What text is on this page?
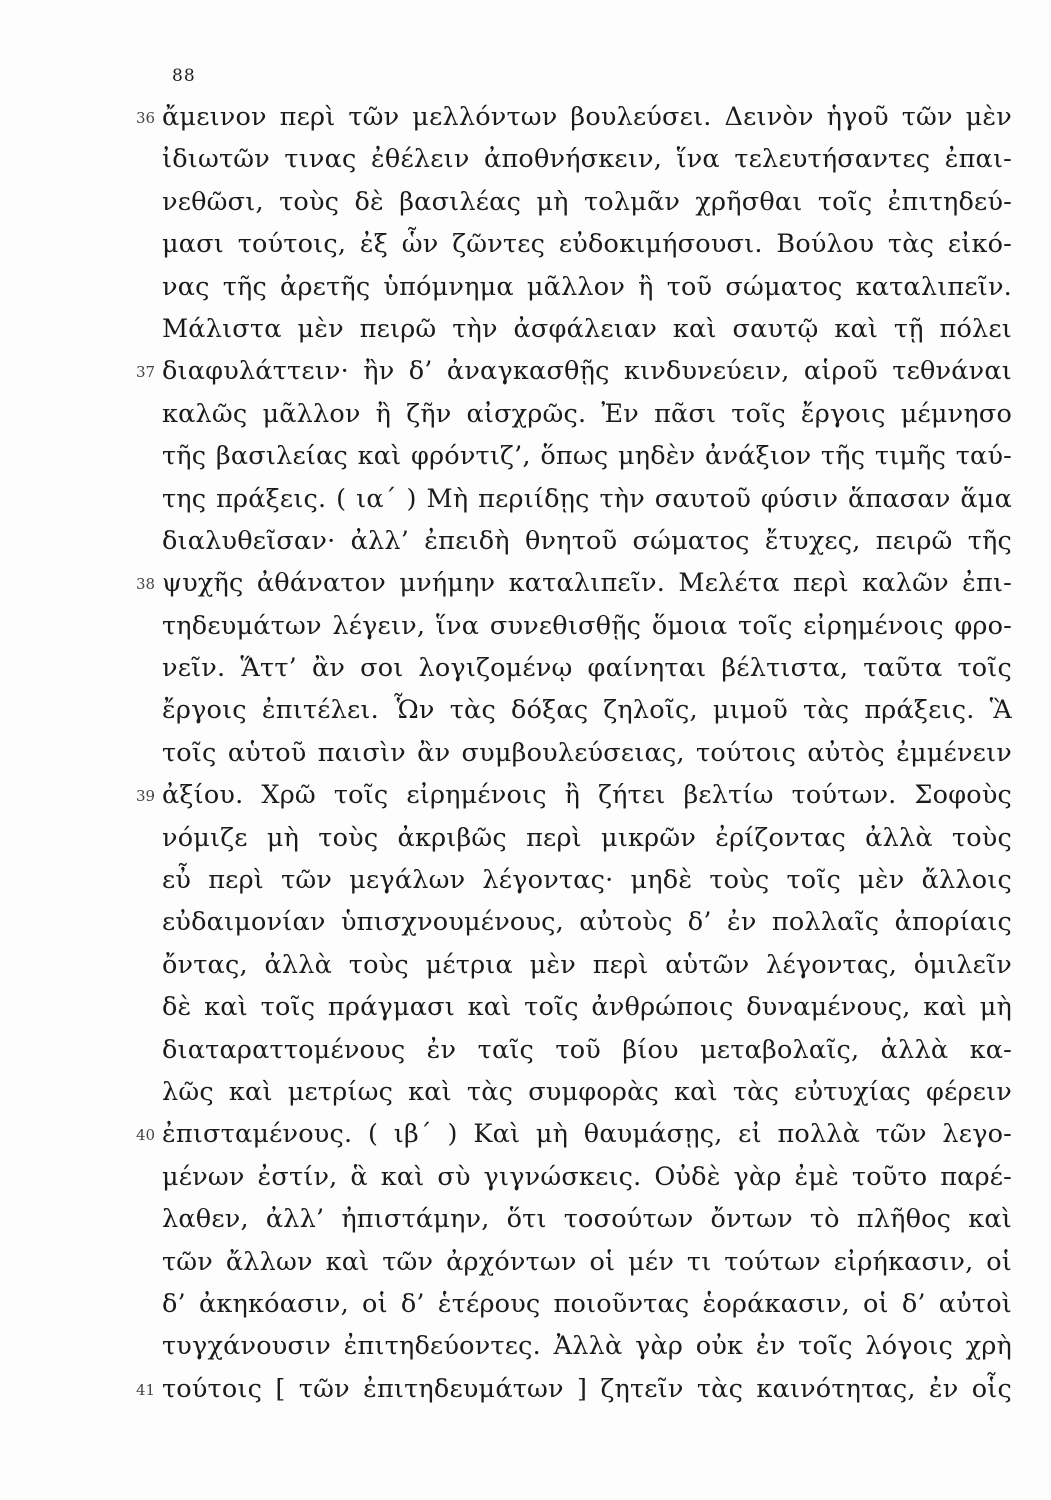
88
36 ἄμεινον περὶ τῶν μελλόντων βουλεύσει. Δεινὸν ἡγοῦ τῶν μὲν
ἰδιωτῶν τινας ἐθέλειν ἀποθνήσκειν, ἵνα τελευτήσαντες ἐπαι-
νεθῶσι, τοὺς δὲ βασιλέας μὴ τολμᾶν χρῆσθαι τοῖς ἐπιτηδεύ-
μασι τούτοις, ἐξ ὧν ζῶντες εὐδοκιμήσουσι. Βούλου τὰς εἰκό-
νας τῆς ἀρετῆς ὑπόμνημα μᾶλλον ἢ τοῦ σώματος καταλιπεῖν.
Μάλιστα μὲν πειρῶ τὴν ἀσφάλειαν καὶ σαυτῷ καὶ τῇ πόλει
37 διαφυλάττειν· ἢν δ’ ἀναγκασθῇς κινδυνεύειν, αἱροῦ τεθνάναι
καλῶς μᾶλλον ἢ ζῆν αἰσχρῶς. Ἐν πᾶσι τοῖς ἔργοις μέμνησο
τῆς βασιλείας καὶ φρόντιζ’, ὅπως μηδὲν ἀνάξιον τῆς τιμῆς ταύ-
της πράξεις. ( ια΄ ) Μὴ περιίδῃς τὴν σαυτοῦ φύσιν ἅπασαν ἅμα
διαλυθεῖσαν· ἀλλ’ ἐπειδὴ θνητοῦ σώματος ἔτυχες, πειρῶ τῆς
38 ψυχῆς ἀθάνατον μνήμην καταλιπεῖν. Μελέτα περὶ καλῶν ἐπι-
τηδευμάτων λέγειν, ἵνα συνεθισθῇς ὅμοια τοῖς εἰρημένοις φρο-
νεῖν. Ἅττ’ ἂν σοι λογιζομένῳ φαίνηται βέλτιστα, ταῦτα τοῖς
ἔργοις ἐπιτέλει. Ὧν τὰς δόξας ζηλοῖς, μιμοῦ τὰς πράξεις. Ἃ
τοῖς αὑτοῦ παισὶν ἂν συμβουλεύσειας, τούτοις αὐτὸς ἐμμένειν
39 ἀξίου. Χρῶ τοῖς εἰρημένοις ἢ ζήτει βελτίω τούτων. Σοφοὺς
νόμιζε μὴ τοὺς ἀκριβῶς περὶ μικρῶν ἐρίζοντας ἀλλὰ τοὺς
εὖ περὶ τῶν μεγάλων λέγοντας· μηδὲ τοὺς τοῖς μὲν ἄλλοις
εὐδαιμονίαν ὑπισχνουμένους, αὐτοὺς δ’ ἐν πολλαῖς ἀπορίαις
ὄντας, ἀλλὰ τοὺς μέτρια μὲν περὶ αὑτῶν λέγοντας, ὁμιλεῖν
δὲ καὶ τοῖς πράγμασι καὶ τοῖς ἀνθρώποις δυναμένους, καὶ μὴ
διαταραττομένους ἐν ταῖς τοῦ βίου μεταβολαῖς, ἀλλὰ κα-
λῶς καὶ μετρίως καὶ τὰς συμφορὰς καὶ τὰς εὐτυχίας φέρειν
40 ἐπισταμένους. ( ιβ΄ ) Καὶ μὴ θαυμάσῃς, εἰ πολλὰ τῶν λεγο-
μένων ἐστίν, ἃ καὶ σὺ γιγνώσκεις. Οὐδὲ γὰρ ἐμὲ τοῦτο παρέ-
λαθεν, ἀλλ’ ἠπιστάμην, ὅτι τοσούτων ὄντων τὸ πλῆθος καὶ
τῶν ἄλλων καὶ τῶν ἀρχόντων οἱ μέν τι τούτων εἰρήκασιν, οἱ
δ’ ἀκηκόασιν, οἱ δ’ ἑτέρους ποιοῦντας ἑοράκασιν, οἱ δ’ αὐτοὶ
τυγχάνουσιν ἐπιτηδεύοντες. Ἀλλὰ γὰρ οὐκ ἐν τοῖς λόγοις χρὴ
41 τούτοις [ τῶν ἐπιτηδευμάτων ] ζητεῖν τὰς καινότητας, ἐν οἷς
